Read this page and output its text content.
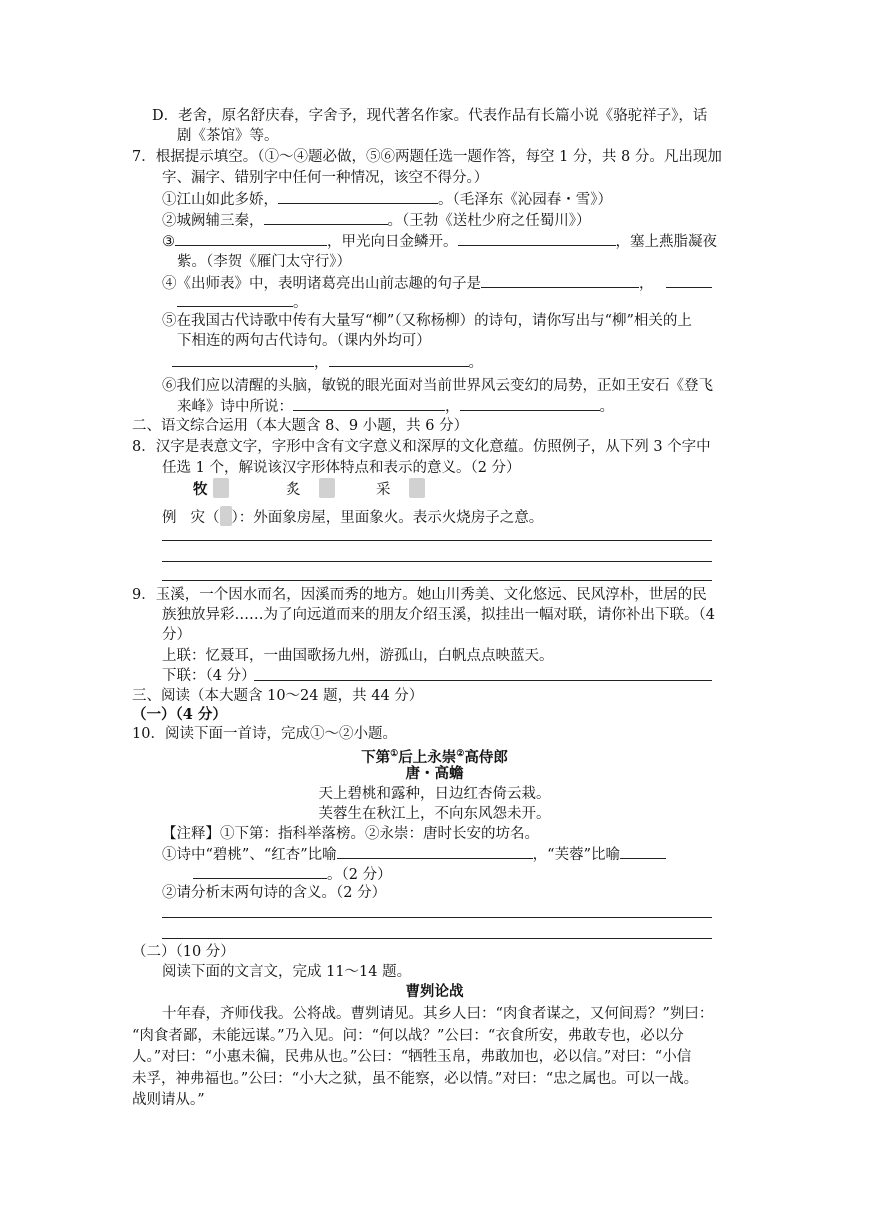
D．老舍，原名舒庆春，字舍予，现代著名作家。代表作品有长篇小说《骆驼祥子》，话
剧《茶馆》等。
7．根据提示填空。（①～④题必做，⑤⑥两题任选一题作答，每空 1 分，共 8 分。凡出现加
字、漏字、错别字中任何一种情况，该空不得分。）
①江山如此多娇，	。（毛泽东《沁园春・雪》）
②城阙辅三秦，	。（王勃《送杜少府之任蜀川》）
③	，甲光向日金鳞开。	，塞上燕脂凝夜
紫。（李贺《雁门太守行》）
④《出师表》中，表明诸葛亮出山前志趣的句子是	，
。
⑤在我国古代诗歌中传有大量写“柳”（又称杨柳）的诗句，请你写出与“柳”相关的上
下相连的两句古代诗句。（课内外均可）
，	。
⑥我们应以清醒的头脑，敏锐的眼光面对当前世界风云变幻的局势，正如王安石《登飞
来峰》诗中所说：	，	。
二、语文综合运用（本大题含 8、9 小题，共 6 分）
8．汉字是表意文字，字形中含有文字意义和深厚的文化意蕴。仿照例子，从下列 3 个字中
任选 1 个，解说该汉字形体特点和表示的意义。（2 分）
牧	炙	采
例 灾（ ）：外面象房屋，里面象火。表示火烧房子之意。
9．玉溪，一个因水而名，因溪而秀的地方。她山川秀美、文化悠远、民风淳朴，世居的民
族独放异彩……为了向远道而来的朋友介绍玉溪，拟挂出一幅对联，请你补出下联。（4
分）
上联：忆聂耳，一曲国歌扬九州，游孤山，白帆点点映蓝天。
下联：（4 分）
三、阅读（本大题含 10～24 题，共 44 分）
（一）（4 分）
10．阅读下面一首诗，完成①～②小题。
下第①后上永崇②高侍郎
唐・高蟾
天上碧桃和露种，日边红杏倚云栽。
芙蓉生在秋江上，不向东风怨未开。
【注释】①下第：指科举落榜。②永崇：唐时长安的坊名。
①诗中“碧桃”、“红杏”比喻	，“芙蓉”比喻
。（2 分）
②请分析末两句诗的含义。（2 分）
（二）（10 分）
阅读下面的文言文，完成 11～14 题。
曹刿论战
十年春，齐师伐我。公将战。曹刿请见。其乡人曰：“肉食者谋之，又何间焉？”刿曰：
“肉食者鄙，未能远谋。”乃入见。问：“何以战？”公曰：“衣食所安，弗敢专也，必以分
人。”对曰：“小惠未徧，民弗从也。”公曰：“牺牲玉帛，弗敢加也，必以信。”对曰：“小信
未孚，神弗福也。”公曰：“小大之狱，虽不能察，必以情。”对曰：“忠之属也。可以一战。
战则请从。”
